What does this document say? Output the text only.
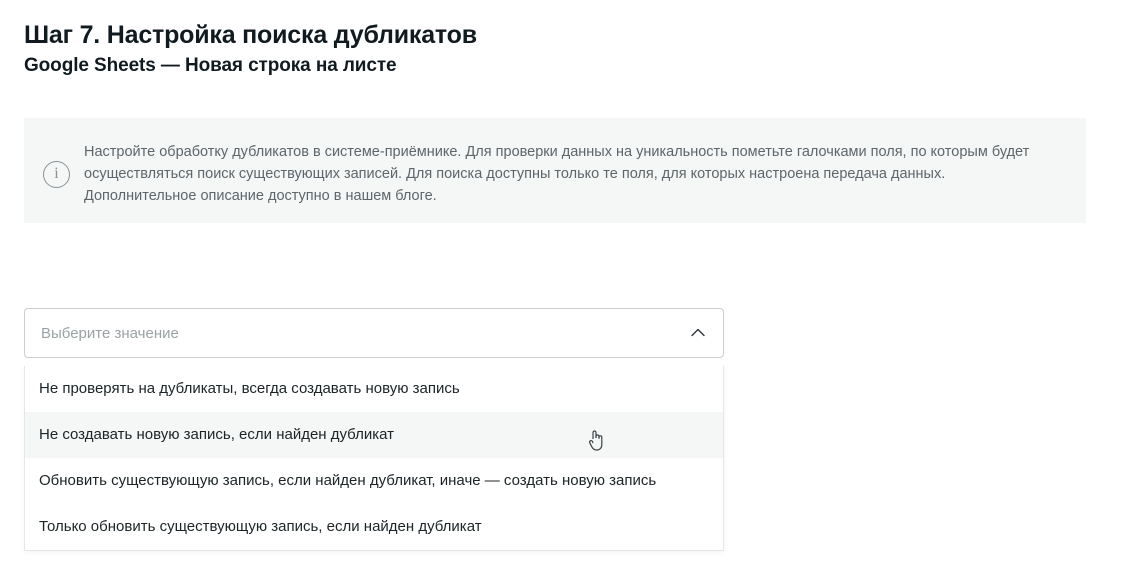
Шаг 7. Настройка поиска дубликатов
Google Sheets — Новая строка на листе
i
Настройте обработку дубликатов в системе-приёмнике. Для проверки данных на уникальность пометьте галочками поля, по которым будет осуществляться поиск существующих записей. Для поиска доступны только те поля, для которых настроена передача данных. Дополнительное описание доступно в нашем блоге.
Выберите значение
Не проверять на дубликаты, всегда создавать новую запись
Не создавать новую запись, если найден дубликат
Обновить существующую запись, если найден дубликат, иначе — создать новую запись
Только обновить существующую запись, если найден дубликат
